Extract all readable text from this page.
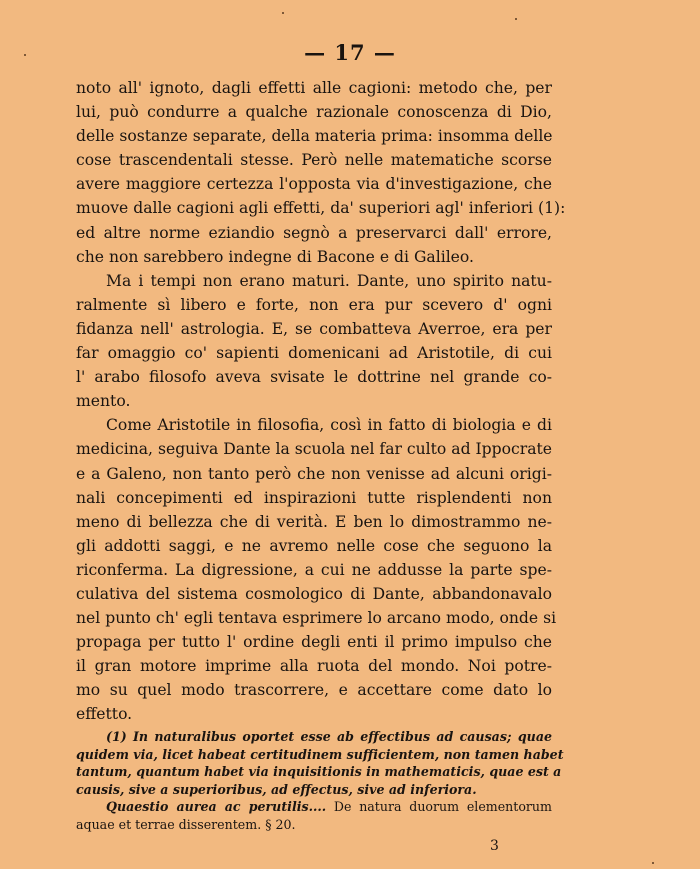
— 17 —
noto all' ignoto, dagli effetti alle cagioni: metodo che, per
lui, può condurre a qualche razionale conoscenza di Dio,
delle sostanze separate, della materia prima: insomma delle
cose trascendentali stesse. Però nelle matematiche scorse
avere maggiore certezza l'opposta via d'investigazione, che
muove dalle cagioni agli effetti, da' superiori agl' inferiori (1):
ed altre norme eziandio segnò a preservarci dall' errore,
che non sarebbero indegne di Bacone e di Galileo.
Ma i tempi non erano maturi. Dante, uno spirito natu-
ralmente sì libero e forte, non era pur scevero d' ogni
fidanza nell' astrologia. E, se combatteva Averroe, era per
far omaggio co' sapienti domenicani ad Aristotile, di cui
l' arabo filosofo aveva svisate le dottrine nel grande co-
mento.
Come Aristotile in filosofia, così in fatto di biologia e di
medicina, seguiva Dante la scuola nel far culto ad Ippocrate
e a Galeno, non tanto però che non venisse ad alcuni origi-
nali concepimenti ed inspirazioni tutte risplendenti non
meno di bellezza che di verità. E ben lo dimostrammo ne-
gli addotti saggi, e ne avremo nelle cose che seguono la
riconferma. La digressione, a cui ne addusse la parte spe-
culativa del sistema cosmologico di Dante, abbandonavalo
nel punto ch' egli tentava esprimere lo arcano modo, onde si
propaga per tutto l' ordine degli enti il primo impulso che
il gran motore imprime alla ruota del mondo. Noi potre-
mo su quel modo trascorrere, e accettare come dato lo
effetto.
(1) In naturalibus oportet esse ab effectibus ad causas; quae
quidem via, licet habeat certitudinem sufficientem, non tamen habet
tantum, quantum habet via inquisitionis in mathematicis, quae est a
causis, sive a superioribus, ad effectus, sive ad inferiora.
Quaestio aurea ac perutilis.... De natura duorum elementorum
aquae et terrae disserentem. § 20.
3
